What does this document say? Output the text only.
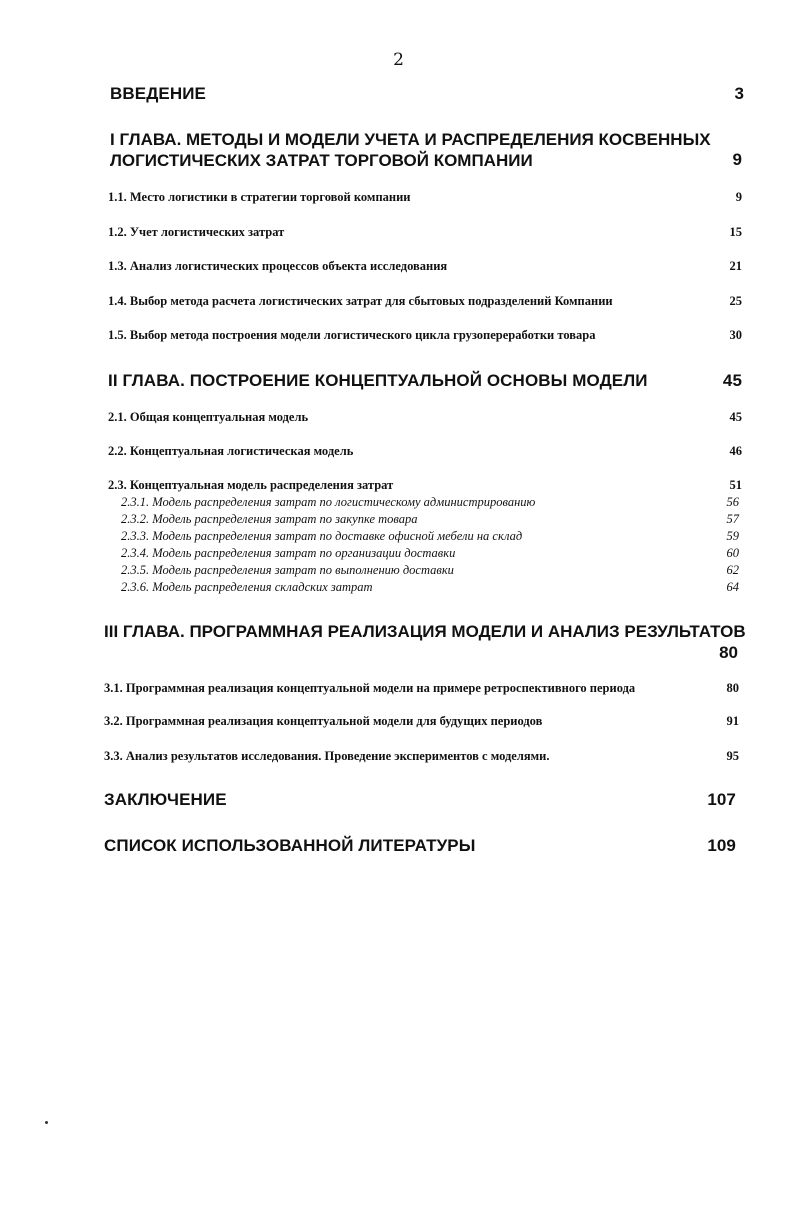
2
ВВЕДЕНИЕ	3
I ГЛАВА. МЕТОДЫ И МОДЕЛИ УЧЕТА И РАСПРЕДЕЛЕНИЯ КОСВЕННЫХ
ЛОГИСТИЧЕСКИХ ЗАТРАТ ТОРГОВОЙ КОМПАНИИ	9
1.1. Место логистики в стратегии торговой компании	9
1.2. Учет логистических затрат	15
1.3. Анализ логистических процессов объекта исследования	21
1.4. Выбор метода расчета логистических затрат для сбытовых подразделений Компании	25
1.5. Выбор метода построения модели логистического цикла грузопереработки товара	30
II ГЛАВА. ПОСТРОЕНИЕ КОНЦЕПТУАЛЬНОЙ ОСНОВЫ МОДЕЛИ	45
2.1. Общая концептуальная модель	45
2.2. Концептуальная логистическая модель	46
2.3. Концептуальная модель распределения затрат	51
2.3.1. Модель распределения затрат по логистическому администрированию	56
2.3.2. Модель распределения затрат по закупке товара	57
2.3.3. Модель распределения затрат по доставке офисной мебели на склад	59
2.3.4. Модель распределения затрат по организации доставки	60
2.3.5. Модель распределения затрат по выполнению доставки	62
2.3.6. Модель распределения складских затрат	64
III ГЛАВА. ПРОГРАММНАЯ РЕАЛИЗАЦИЯ МОДЕЛИ И АНАЛИЗ РЕЗУЛЬТАТОВ
80
3.1. Программная реализация концептуальной модели на примере ретроспективного периода	80
3.2. Программная реализация концептуальной модели для будущих периодов	91
3.3. Анализ результатов исследования. Проведение экспериментов с моделями.	95
ЗАКЛЮЧЕНИЕ	107
СПИСОК ИСПОЛЬЗОВАННОЙ ЛИТЕРАТУРЫ	109
